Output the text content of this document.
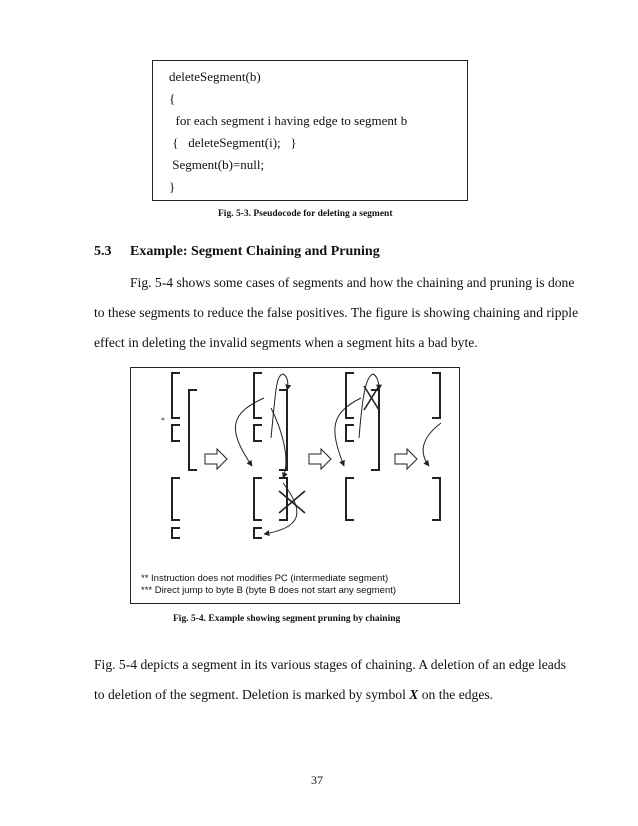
deleteSegment(b)
{
for each segment i having edge to segment b
{   deleteSegment(i);   }
Segment(b)=null;
}
Fig. 5-3. Pseudocode for deleting a segment
5.3 Example: Segment Chaining and Pruning
Fig. 5-4 shows some cases of segments and how the chaining and pruning is done
to these segments to reduce the false positives. The figure is showing chaining and ripple
effect in deleting the invalid segments when a segment hits a bad byte.
*
** Instruction does not modifies PC (intermediate segment)
*** Direct jump to byte B (byte B does not start any segment)
Fig. 5-4. Example showing segment pruning by chaining
Fig. 5-4 depicts a segment in its various stages of chaining. A deletion of an edge leads
to deletion of the segment. Deletion is marked by symbol X on the edges.
37
